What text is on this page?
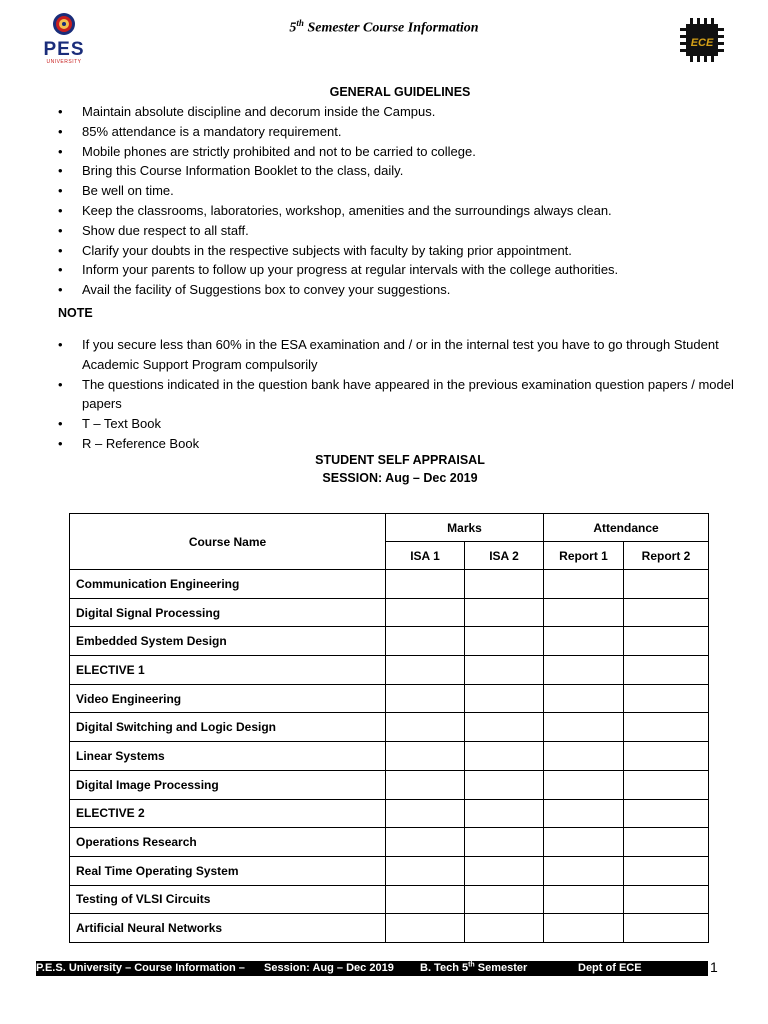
PES
UNIVERSITY
5th Semester Course Information
ECE
GENERAL GUIDELINES
• Maintain absolute discipline and decorum inside the Campus.
• 85% attendance is a mandatory requirement.
• Mobile phones are strictly prohibited and not to be carried to college.
• Bring this Course Information Booklet to the class, daily.
• Be well on time.
• Keep the classrooms, laboratories, workshop, amenities and the surroundings always clean.
• Show due respect to all staff.
• Clarify your doubts in the respective subjects with faculty by taking prior appointment.
• Inform your parents to follow up your progress at regular intervals with the college authorities.
• Avail the facility of Suggestions box to convey your suggestions.
NOTE
• If you secure less than 60% in the ESA examination and / or in the internal test you have to go through Student Academic Support Program compulsorily
• The questions indicated in the question bank have appeared in the previous examination question papers / model papers
• T – Text Book
• R – Reference Book
STUDENT SELF APPRAISAL
SESSION: Aug – Dec 2019
Course Name	Marks		Attendance	
	ISA 1	ISA 2	Report 1	Report 2
Communication Engineering				
Digital Signal Processing				
Embedded System Design				
ELECTIVE 1				
Video Engineering				
Digital Switching and Logic Design				
Linear Systems				
Digital Image Processing				
ELECTIVE 2				
Operations Research				
Real Time Operating System				
Testing of VLSI Circuits				
Artificial Neural Networks				
P.E.S. University – Course Information – Session: Aug – Dec 2019 B. Tech 5th Semester	Dept of ECE	1
